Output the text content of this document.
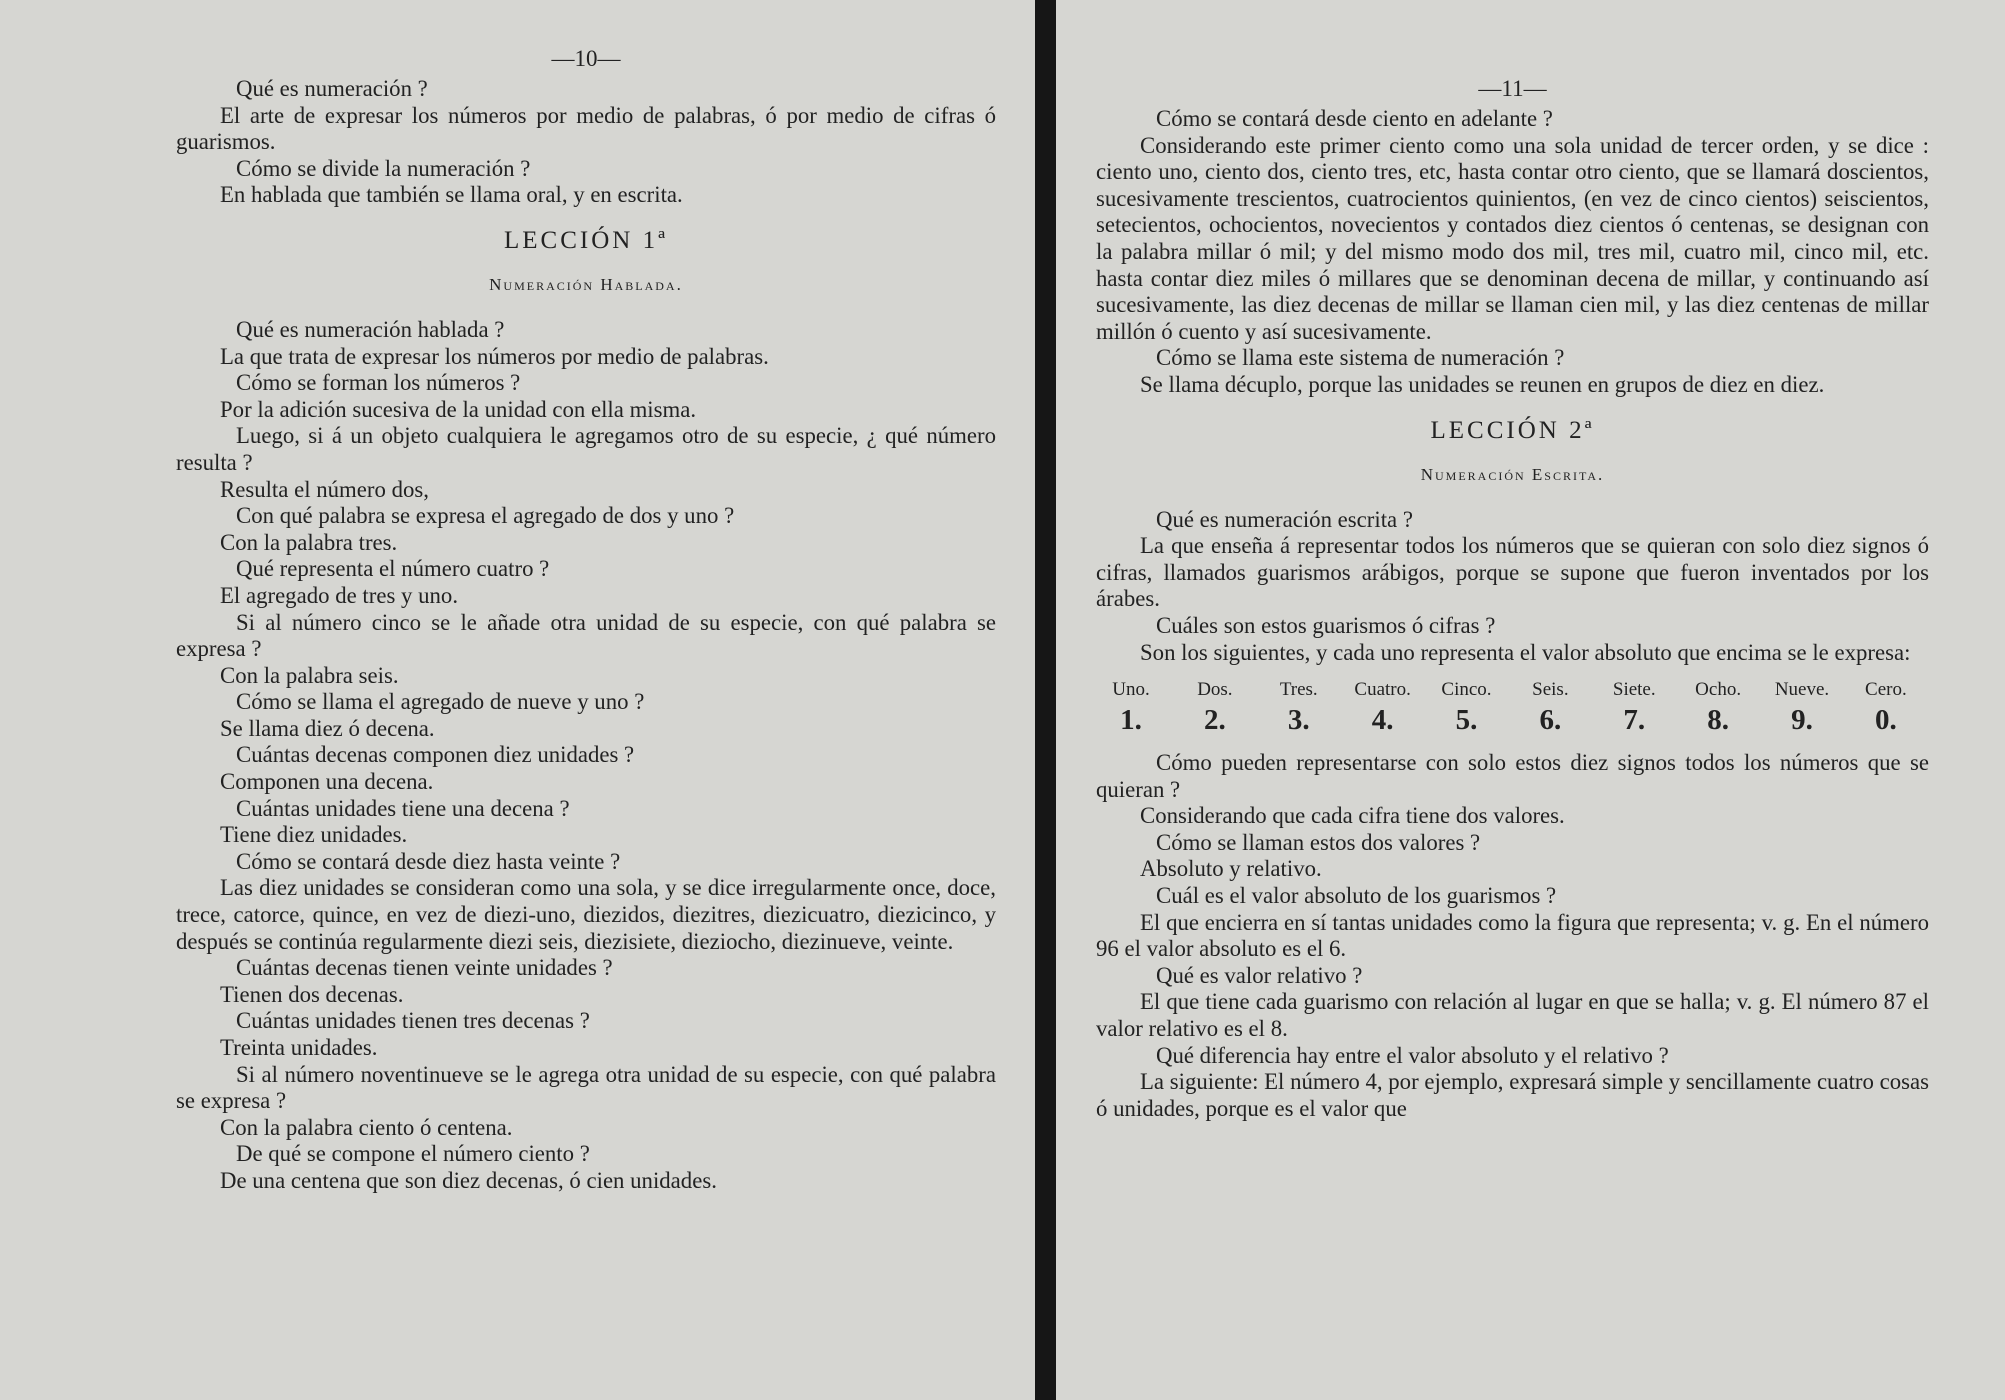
—10—
Qué es numeración ?
El arte de expresar los números por medio de palabras, ó por medio de cifras ó guarismos.
Cómo se divide la numeración ?
En hablada que también se llama oral, y en escrita.
LECCIÓN 1ª
Numeración Hablada.
Qué es numeración hablada ?
La que trata de expresar los números por medio de palabras.
Cómo se forman los números ?
Por la adición sucesiva de la unidad con ella misma.
Luego, si á un objeto cualquiera le agregamos otro de su especie, ¿ qué número resulta ?
Resulta el número dos,
Con qué palabra se expresa el agregado de dos y uno ?
Con la palabra tres.
Qué representa el número cuatro ?
El agregado de tres y uno.
Si al número cinco se le añade otra unidad de su especie, con qué palabra se expresa ?
Con la palabra seis.
Cómo se llama el agregado de nueve y uno ?
Se llama diez ó decena.
Cuántas decenas componen diez unidades ?
Componen una decena.
Cuántas unidades tiene una decena ?
Tiene diez unidades.
Cómo se contará desde diez hasta veinte ?
Las diez unidades se consideran como una sola, y se dice irregularmente once, doce, trece, catorce, quince, en vez de diezi-uno, diezidos, diezitres, diezicuatro, diezicinco, y después se continúa regularmente diezi seis, diezisiete, dieziocho, diezinueve, veinte.
Cuántas decenas tienen veinte unidades ?
Tienen dos decenas.
Cuántas unidades tienen tres decenas ?
Treinta unidades.
Si al número noventinueve se le agrega otra unidad de su especie, con qué palabra se expresa ?
Con la palabra ciento ó centena.
De qué se compone el número ciento ?
De una centena que son diez decenas, ó cien unidades.
—11—
Cómo se contará desde ciento en adelante ?
Considerando este primer ciento como una sola unidad de tercer orden, y se dice : ciento uno, ciento dos, ciento tres, etc, hasta contar otro ciento, que se llamará doscientos, sucesivamente trescientos, cuatrocientos quinientos, (en vez de cinco cientos) seiscientos, setecientos, ochocientos, novecientos y contados diez cientos ó centenas, se designan con la palabra millar ó mil; y del mismo modo dos mil, tres mil, cuatro mil, cinco mil, etc. hasta contar diez miles ó millares que se denominan decena de millar, y continuando así sucesivamente, las diez decenas de millar se llaman cien mil, y las diez centenas de millar millón ó cuento y así sucesivamente.
Cómo se llama este sistema de numeración ?
Se llama décuplo, porque las unidades se reunen en grupos de diez en diez.
LECCIÓN 2ª
Numeración Escrita.
Qué es numeración escrita ?
La que enseña á representar todos los números que se quieran con solo diez signos ó cifras, llamados guarismos arábigos, porque se supone que fueron inventados por los árabes.
Cuáles son estos guarismos ó cifras ?
Son los siguientes, y cada uno representa el valor absoluto que encima se le expresa:
Uno.
1.
Dos.
2.
Tres.
3.
Cuatro.
4.
Cinco.
5.
Seis.
6.
Siete.
7.
Ocho.
8.
Nueve.
9.
Cero.
0.
Cómo pueden representarse con solo estos diez signos todos los números que se quieran ?
Considerando que cada cifra tiene dos valores.
Cómo se llaman estos dos valores ?
Absoluto y relativo.
Cuál es el valor absoluto de los guarismos ?
El que encierra en sí tantas unidades como la figura que representa; v. g. En el número 96 el valor absoluto es el 6.
Qué es valor relativo ?
El que tiene cada guarismo con relación al lugar en que se halla; v. g. El número 87 el valor relativo es el 8.
Qué diferencia hay entre el valor absoluto y el relativo ?
La siguiente: El número 4, por ejemplo, expresará simple y sencillamente cuatro cosas ó unidades, porque es el valor que
